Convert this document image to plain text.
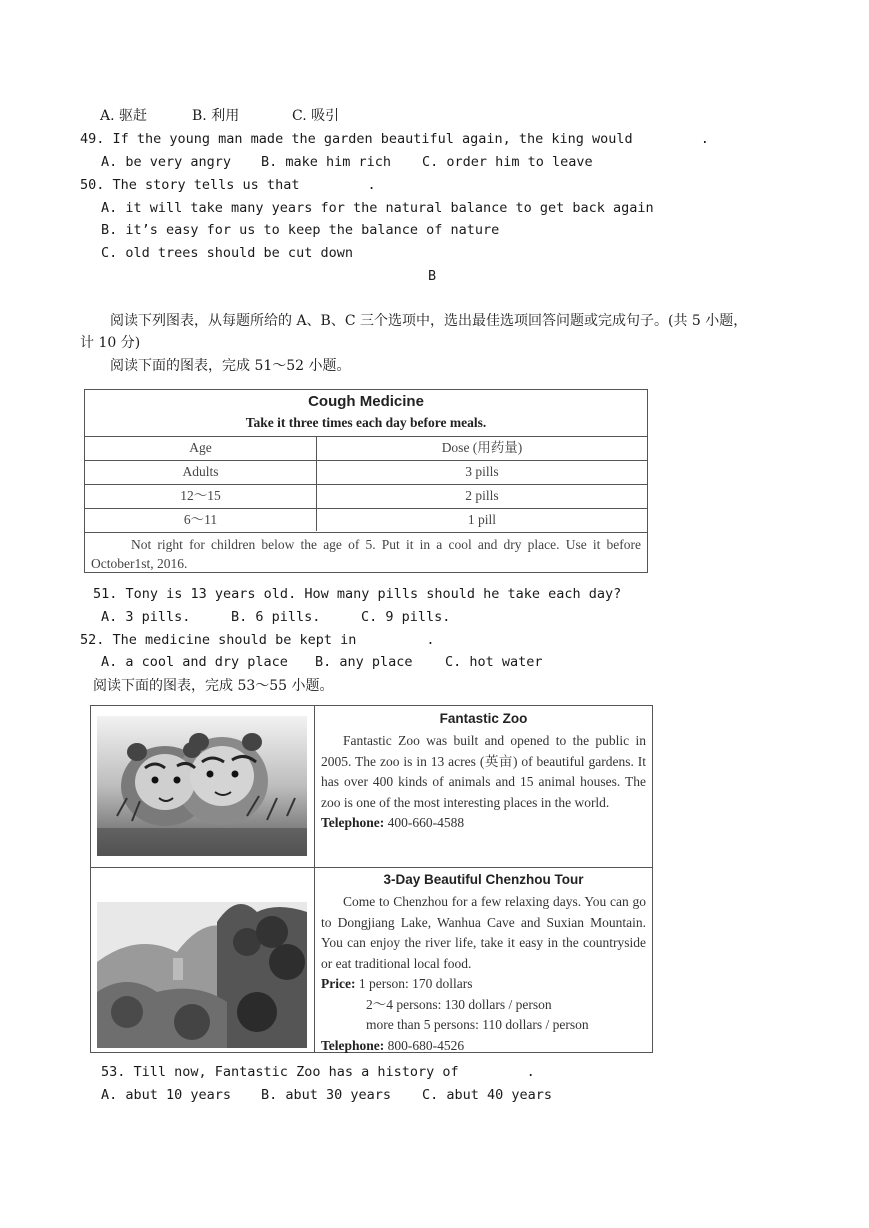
A. 驱赶	B. 利用	C. 吸引
49. If the young man made the garden beautiful again, the king would	.
A. be very angry B. make him rich C. order him to leave
50. The story tells us that	.
A. it will take many years for the natural balance to get back again
B. it’s easy for us to keep the balance of nature
C. old trees should be cut down
B
阅读下列图表，从每题所给的 A、B、C 三个选项中，选出最佳选项回答问题或完成句子。(共 5 小题，
计 10 分)
阅读下面的图表，完成 51～52 小题。
Cough Medicine
Take it three times each day before meals.
Age	Dose (用药量)
Adults	3 pills
12～15	2 pills
6～11	1 pill
Not right for children below the age of 5. Put it in a cool and dry place. Use it before October1st, 2016.
51. Tony is 13 years old. How many pills should he take each day?
A. 3 pills.	B. 6 pills.	C. 9 pills.
52. The medicine should be kept in	.
A. a cool and dry place B. any place C. hot water
阅读下面的图表，完成 53～55 小题。
Fantastic Zoo
Fantastic Zoo was built and opened to the public in 2005. The zoo is in 13 acres (英亩) of beautiful gardens. It has over 400 kinds of animals and 15 animal houses. The zoo is one of the most interesting places in the world.
Telephone: 400-660-4588
3-Day Beautiful Chenzhou Tour
Come to Chenzhou for a few relaxing days. You can go to Dongjiang Lake, Wanhua Cave and Suxian Mountain. You can enjoy the river life, take it easy in the countryside or eat traditional local food.
Price: 1 person: 170 dollars
2～4 persons: 130 dollars / person
more than 5 persons: 110 dollars / person
Telephone: 800-680-4526
53. Till now, Fantastic Zoo has a history of	.
A. abut 10 years B. abut 30 years C. abut 40 years
